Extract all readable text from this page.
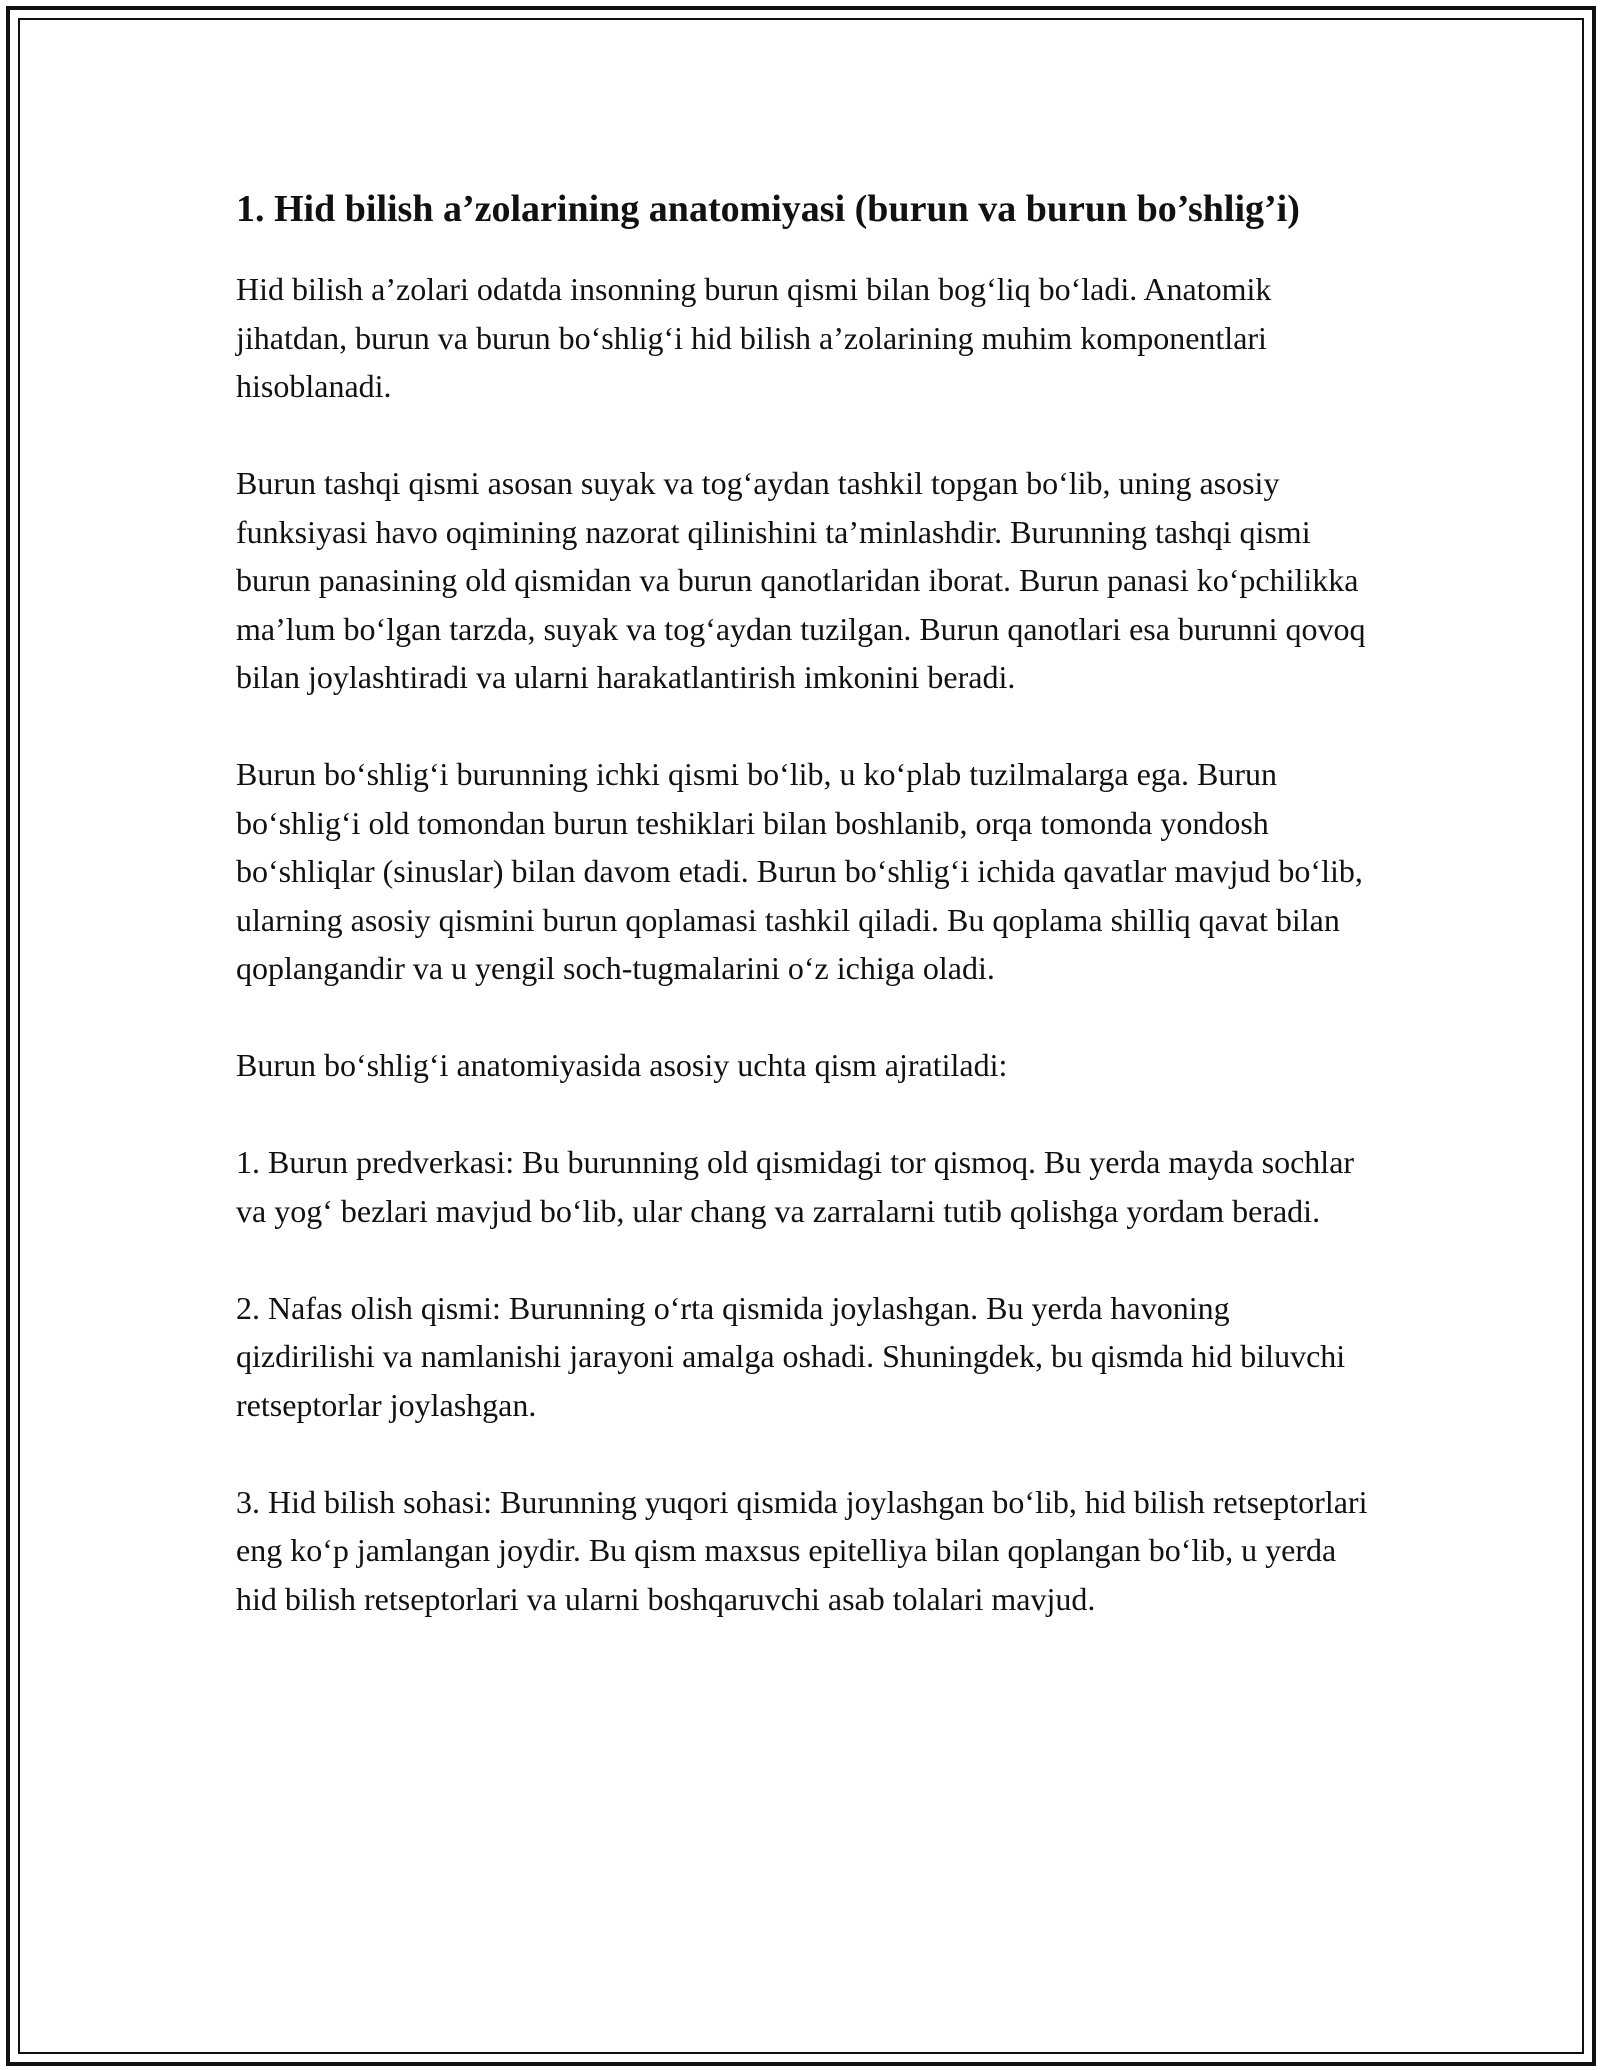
1. Hid bilish a’zolarining anatomiyasi (burun va burun bo’shlig’i)

Hid bilish a’zolari odatda insonning burun qismi bilan bog‘liq bo‘ladi. Anatomik jihatdan, burun va burun bo‘shlig‘i hid bilish a’zolarining muhim komponentlari hisoblanadi.

Burun tashqi qismi asosan suyak va tog‘aydan tashkil topgan bo‘lib, uning asosiy funksiyasi havo oqimining nazorat qilinishini ta’minlashdir. Burunning tashqi qismi burun panasining old qismidan va burun qanotlaridan iborat. Burun panasi ko‘pchilikka ma’lum bo‘lgan tarzda, suyak va tog‘aydan tuzilgan. Burun qanotlari esa burunni qovoq bilan joylashtiradi va ularni harakatlantirish imkonini beradi.

Burun bo‘shlig‘i burunning ichki qismi bo‘lib, u ko‘plab tuzilmalarga ega. Burun bo‘shlig‘i old tomondan burun teshiklari bilan boshlanib, orqa tomonda yondosh bo‘shliqlar (sinuslar) bilan davom etadi. Burun bo‘shlig‘i ichida qavatlar mavjud bo‘lib, ularning asosiy qismini burun qoplamasi tashkil qiladi. Bu qoplama shilliq qavat bilan qoplangandir va u yengil soch-tugmalarini o‘z ichiga oladi.

Burun bo‘shlig‘i anatomiyasida asosiy uchta qism ajratiladi:

1. Burun predverkasi: Bu burunning old qismidagi tor qismoq. Bu yerda mayda sochlar va yog‘ bezlari mavjud bo‘lib, ular chang va zarralarni tutib qolishga yordam beradi.

2. Nafas olish qismi: Burunning o‘rta qismida joylashgan. Bu yerda havoning qizdirilishi va namlanishi jarayoni amalga oshadi. Shuningdek, bu qismda hid biluvchi retseptorlar joylashgan.

3. Hid bilish sohasi: Burunning yuqori qismida joylashgan bo‘lib, hid bilish retseptorlari eng ko‘p jamlangan joydir. Bu qism maxsus epitelliya bilan qoplangan bo‘lib, u yerda hid bilish retseptorlari va ularni boshqaruvchi asab tolalari mavjud.
